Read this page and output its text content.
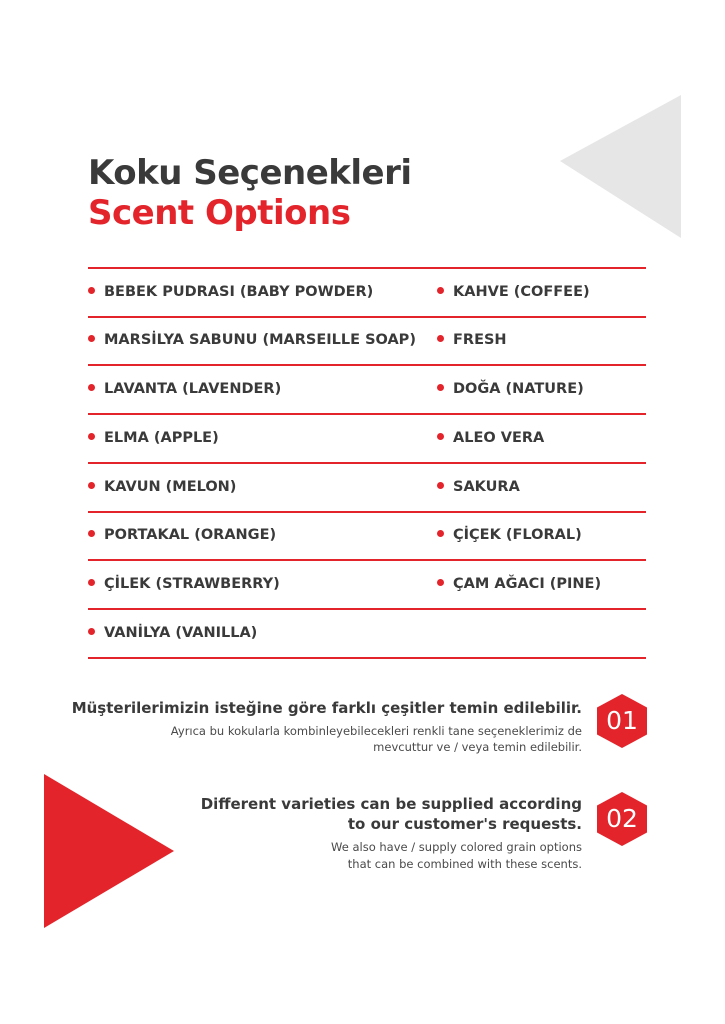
Koku Seçenekleri
Scent Options
BEBEK PUDRASI (BABY POWDER)
MARSİLYA SABUNU (MARSEILLE SOAP)
LAVANTA (LAVENDER)
ELMA (APPLE)
KAVUN (MELON)
PORTAKAL (ORANGE)
ÇİLEK (STRAWBERRY)
VANİLYA (VANILLA)
KAHVE (COFFEE)
FRESH
DOĞA (NATURE)
ALEO VERA
SAKURA
ÇİÇEK (FLORAL)
ÇAM AĞACI (PINE)
Müşterilerimizin isteğine göre farklı çeşitler temin edilebilir.
Ayrıca bu kokularla kombinleyebilecekleri renkli tane seçeneklerimiz de
mevcuttur ve / veya temin edilebilir.
01
Different varieties can be supplied according
to our customer's requests.
We also have / supply colored grain options
that can be combined with these scents.
02
